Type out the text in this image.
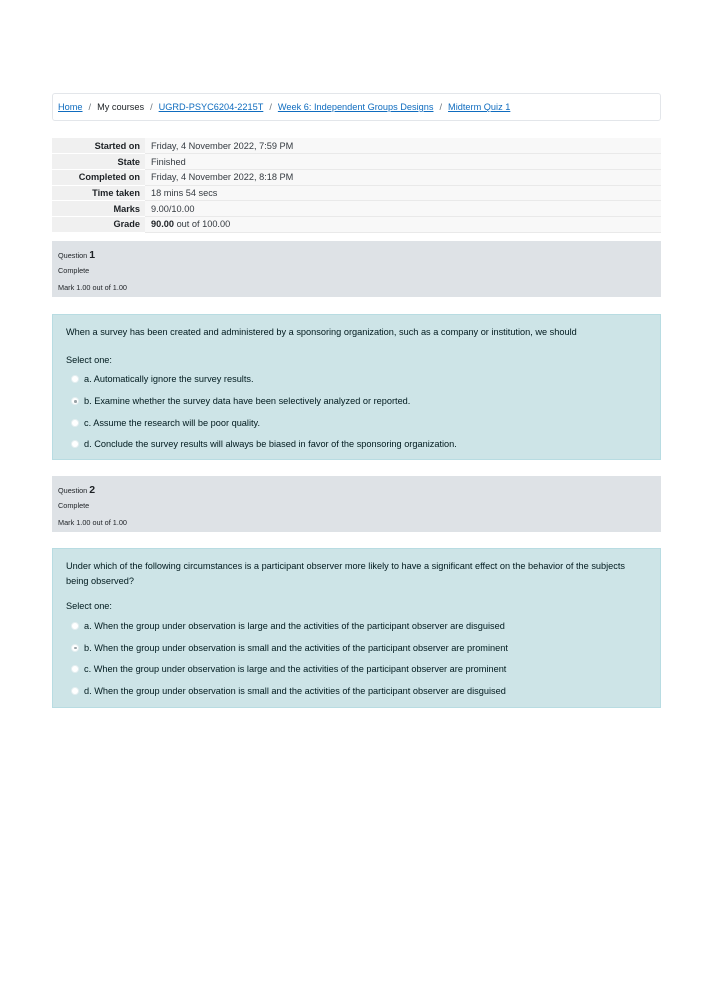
Home / My courses / UGRD-PSYC6204-2215T / Week 6: Independent Groups Designs / Midterm Quiz 1
Started on	Friday, 4 November 2022, 7:59 PM
State	Finished
Completed on	Friday, 4 November 2022, 8:18 PM
Time taken	18 mins 54 secs
Marks	9.00/10.00
Grade	90.00 out of 100.00
Question 1
Complete
Mark 1.00 out of 1.00
When a survey has been created and administered by a sponsoring organization, such as a company or institution, we should
Select one:
a. Automatically ignore the survey results.
b. Examine whether the survey data have been selectively analyzed or reported.
c. Assume the research will be poor quality.
d. Conclude the survey results will always be biased in favor of the sponsoring organization.
Question 2
Complete
Mark 1.00 out of 1.00
Under which of the following circumstances is a participant observer more likely to have a significant effect on the behavior of the subjects being observed?
Select one:
a. When the group under observation is large and the activities of the participant observer are disguised
b. When the group under observation is small and the activities of the participant observer are prominent
c. When the group under observation is large and the activities of the participant observer are prominent
d. When the group under observation is small and the activities of the participant observer are disguised
